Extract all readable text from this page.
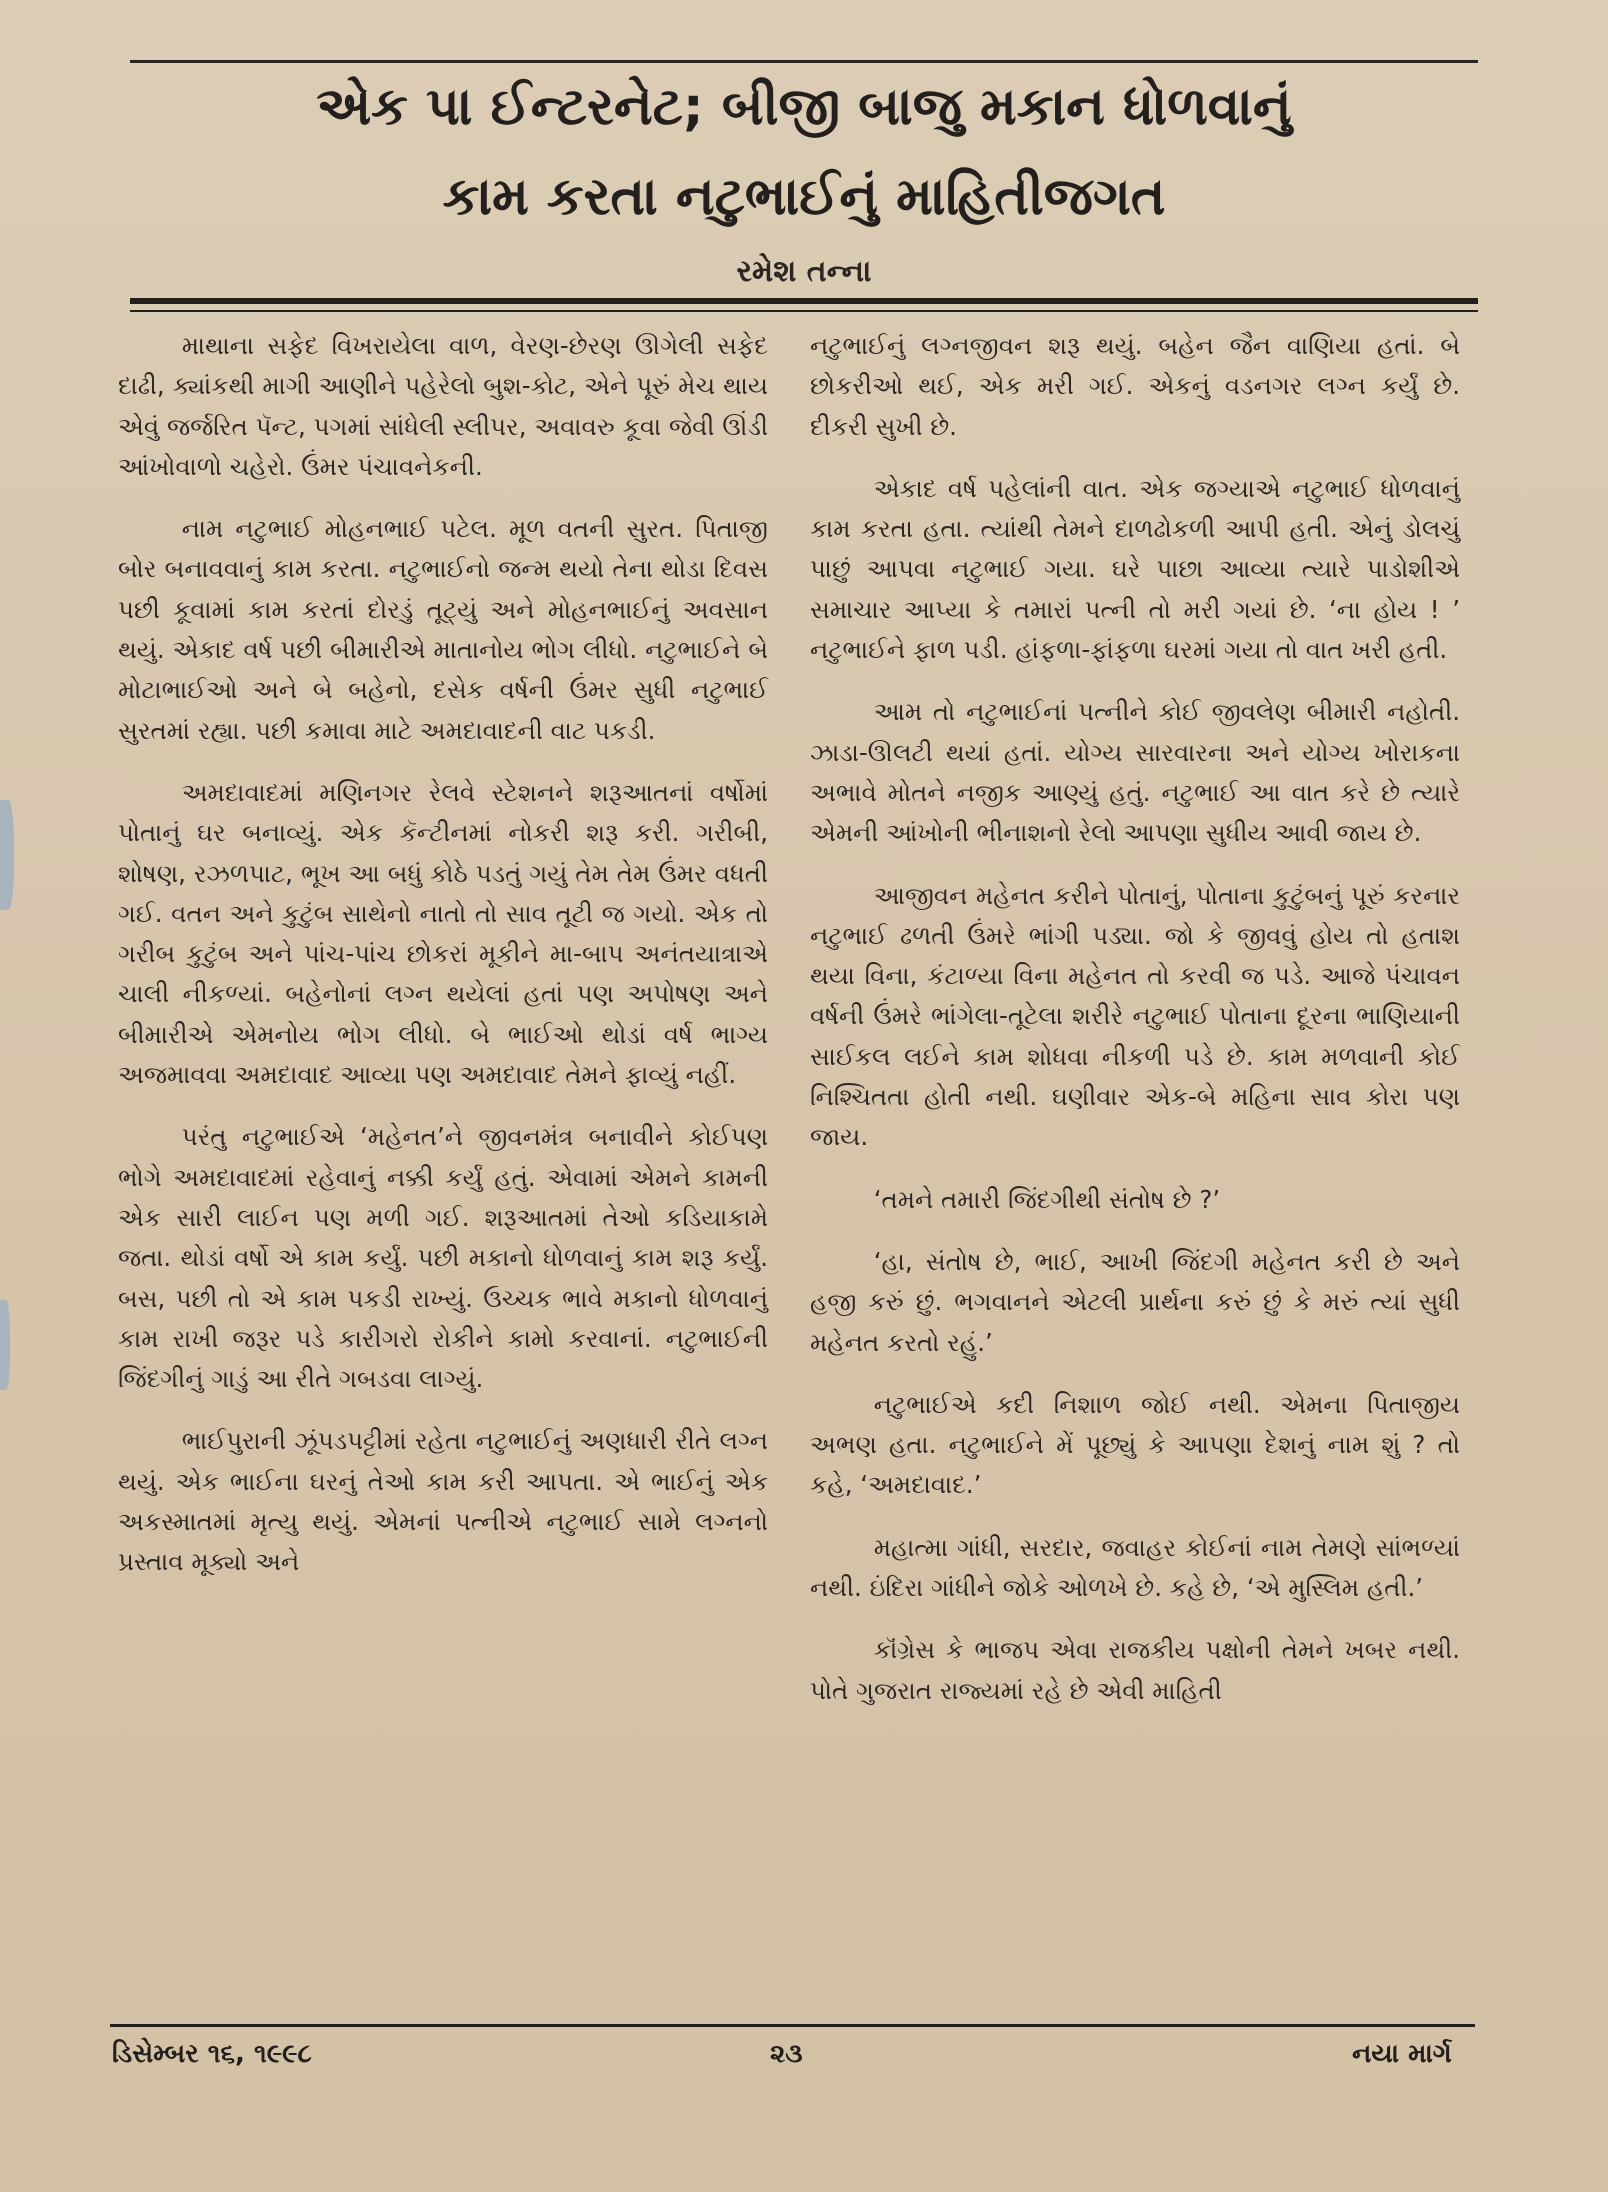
એક પા ઈન્ટરનેટ; બીજી બાજુ મકાન ધોળવાનું
કામ કરતા નટુભાઈનું માહિતીજગત
રમેશ તન્ના

માથાના સફેદ વિખરાયેલા વાળ, વેરણ-છેરણ ઊગેલી સફેદ દાઢી, ક્યાંકથી માગી આણીને પહેરેલો બુશ-કોટ, એને પૂરું મેચ થાય એવું જર્જરિત પૅન્ટ, પગમાં સાંધેલી સ્લીપર, અવાવરુ કૂવા જેવી ઊંડી આંખોવાળો ચહેરો. ઉંમર પંચાવનેકની.

નામ નટુભાઈ મોહનભાઈ પટેલ. મૂળ વતની સુરત. પિતાજી બોર બનાવવાનું કામ કરતા. નટુભાઈનો જન્મ થયો તેના થોડા દિવસ પછી કૂવામાં કામ કરતાં દોરડું તૂટ્યું અને મોહનભાઈનું અવસાન થયું. એકાદ વર્ષ પછી બીમારીએ માતાનોય ભોગ લીધો. નટુભાઈને બે મોટાભાઈઓ અને બે બહેનો, દસેક વર્ષની ઉંમર સુધી નટુભાઈ સુરતમાં રહ્યા. પછી કમાવા માટે અમદાવાદની વાટ પકડી.

અમદાવાદમાં મણિનગર રેલવે સ્ટેશનને શરૂઆતનાં વર્ષોમાં પોતાનું ઘર બનાવ્યું. એક કૅન્ટીનમાં નોકરી શરૂ કરી. ગરીબી, શોષણ, રઝળપાટ, ભૂખ આ બધું કોઠે પડતું ગયું તેમ તેમ ઉંમર વધતી ગઈ. વતન અને કુટુંબ સાથેનો નાતો તો સાવ તૂટી જ ગયો. એક તો ગરીબ કુટુંબ અને પાંચ-પાંચ છોકરાં મૂકીને મા-બાપ અનંતયાત્રાએ ચાલી નીકળ્યાં. બહેનોનાં લગ્ન થયેલાં હતાં પણ અપોષણ અને બીમારીએ એમનોય ભોગ લીધો. બે ભાઈઓ થોડાં વર્ષ ભાગ્ય અજમાવવા અમદાવાદ આવ્યા પણ અમદાવાદ તેમને ફાવ્યું નહીં.

પરંતુ નટુભાઈએ ‘મહેનત’ને જીવનમંત્ર બનાવીને કોઈપણ ભોગે અમદાવાદમાં રહેવાનું નક્કી કર્યું હતું. એવામાં એમને કામની એક સારી લાઈન પણ મળી ગઈ. શરૂઆતમાં તેઓ કડિયાકામે જતા. થોડાં વર્ષો એ કામ કર્યું. પછી મકાનો ધોળવાનું કામ શરૂ કર્યું. બસ, પછી તો એ કામ પકડી રાખ્યું. ઉચ્ચક ભાવે મકાનો ધોળવાનું કામ રાખી જરૂર પડે કારીગરો રોકીને કામો કરવાનાં. નટુભાઈની જિંદગીનું ગાડું આ રીતે ગબડવા લાગ્યું.

ભાઈપુરાની ઝૂંપડપટ્ટીમાં રહેતા નટુભાઈનું અણધારી રીતે લગ્ન થયું. એક ભાઈના ઘરનું તેઓ કામ કરી આપતા. એ ભાઈનું એક અકસ્માતમાં મૃત્યુ થયું. એમનાં પત્નીએ નટુભાઈ સામે લગ્નનો પ્રસ્તાવ મૂક્યો અને

નટુભાઈનું લગ્નજીવન શરૂ થયું. બહેન જૈન વાણિયા હતાં. બે છોકરીઓ થઈ, એક મરી ગઈ. એકનું વડનગર લગ્ન કર્યું છે. દીકરી સુખી છે.

એકાદ વર્ષ પહેલાંની વાત. એક જગ્યાએ નટુભાઈ ધોળવાનું કામ કરતા હતા. ત્યાંથી તેમને દાળઢોકળી આપી હતી. એનું ડોલચું પાછું આપવા નટુભાઈ ગયા. ઘરે પાછા આવ્યા ત્યારે પાડોશીએ સમાચાર આપ્યા કે તમારાં પત્ની તો મરી ગયાં છે. ‘ના હોય ! ’ નટુભાઈને ફાળ પડી. હાંફળા-ફાંફળા ઘરમાં ગયા તો વાત ખરી હતી.

આમ તો નટુભાઈનાં પત્નીને કોઈ જીવલેણ બીમારી નહોતી. ઝાડા-ઊલટી થયાં હતાં. યોગ્ય સારવારના અને યોગ્ય ખોરાકના અભાવે મોતને નજીક આણ્યું હતું. નટુભાઈ આ વાત કરે છે ત્યારે એમની આંખોની ભીનાશનો રેલો આપણા સુધીય આવી જાય છે.

આજીવન મહેનત કરીને પોતાનું, પોતાના કુટુંબનું પૂરું કરનાર નટુભાઈ ઢળતી ઉંમરે ભાંગી પડ્યા. જો કે જીવવું હોય તો હતાશ થયા વિના, કંટાળ્યા વિના મહેનત તો કરવી જ પડે. આજે પંચાવન વર્ષની ઉંમરે ભાંગેલા-તૂટેલા શરીરે નટુભાઈ પોતાના દૂરના ભાણિયાની સાઈકલ લઈને કામ શોધવા નીકળી પડે છે. કામ મળવાની કોઈ નિશ્ચિતતા હોતી નથી. ઘણીવાર એક-બે મહિના સાવ કોરા પણ જાય.

‘તમને તમારી જિંદગીથી સંતોષ છે ?’

‘હા, સંતોષ છે, ભાઈ, આખી જિંદગી મહેનત કરી છે અને હજી કરું છું. ભગવાનને એટલી પ્રાર્થના કરું છું કે મરું ત્યાં સુધી મહેનત કરતો રહું.’

નટુભાઈએ કદી નિશાળ જોઈ નથી. એમના પિતાજીય અભણ હતા. નટુભાઈને મેં પૂછ્યું કે આપણા દેશનું નામ શું ? તો કહે, ‘અમદાવાદ.’

મહાત્મા ગાંધી, સરદાર, જવાહર કોઈનાં નામ તેમણે સાંભળ્યાં નથી. ઇંદિરા ગાંધીને જોકે ઓળખે છે. કહે છે, ‘એ મુસ્લિમ હતી.’

કૉંગ્રેસ કે ભાજપ એવા રાજકીય પક્ષોની તેમને ખબર નથી. પોતે ગુજરાત રાજ્યમાં રહે છે એવી માહિતી

ડિસેમ્બર ૧૬, ૧૯૯૮	૨૩	નયા માર્ગ
